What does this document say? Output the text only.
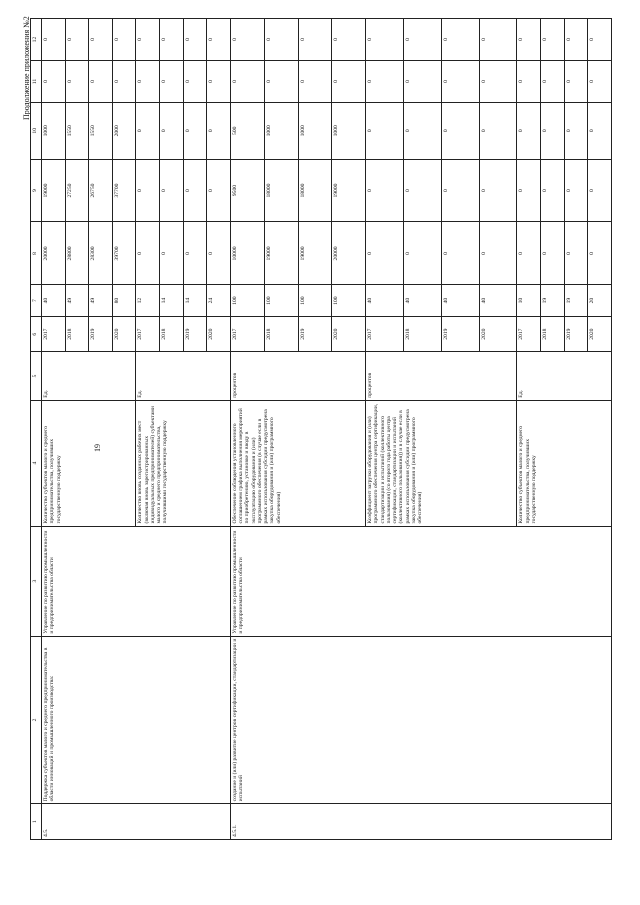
19
Продолжение приложения №2
1	2	3	4	5	6	7	8	9	10	11	12
4.5.	Поддержка субъектов малого и среднего предпринимательства в области инноваций и промышленного производства:	Управление по развитию промышленности и предпринимательства области	Количество субъектов малого и среднего предпринимательства, получивших государственную поддержку	Ед.	2017	40	20000	19000	1000	0	0
					2018	49	28800	27250	1550	0	0
					2019	49	28300	26750	1550	0	0
					2020	80	39700	37700	2000	0	0
			Количество вновь созданных рабочих мест (включая вновь зарегистрированных индивидуальных предпринимателей) субъектами малого и среднего предпринимательства, получившими государственную поддержку	Ед.	2017	12	0	0	0	0	0
					2018	14	0	0	0	0	0
					2019	14	0	0	0	0	0
					2020	24	0	0	0	0	0
4.5.1.	создание и (или) развитие центров сертификации, стандартизации и испытаний	Управление по развитию промышленности и предпринимательства области	Обеспечение соблюдения установленного соглашением графика выполнения мероприятий по приобретению, установке и вводу в эксплуатацию оборудования и (или) программного обеспечения (в случае если в рамках использования субсидии предусмотрена закупка оборудования и (или) программного обеспечения)	процентов	2017	100	10000	9500	500	0	0
					2018	100	19000	18000	1000	0	0
					2019	100	19000	18000	1000	0	0
					2020	100	20000	19000	1000	0	0
			Коэффициент загрузки оборудования и (или) программного обеспечения центра сертификации, стандартизации и испытаний (коллективного пользования) (со второго года работы центра сертификации, стандартизации и испытаний (коллективного пользования)) и в случае если в рамках использования субсидии предусмотрена закупка оборудования и (или) программного обеспечения)	процентов	2017	40	0	0	0	0	0
					2018	40	0	0	0	0	0
					2019	40	0	0	0	0	0
					2020	40	0	0	0	0	0
			Количество субъектов малого и среднего предпринимательства, получивших государственную поддержку	Ед.	2017	10	0	0	0	0	0
					2018	19	0	0	0	0	0
					2019	19	0	0	0	0	0
					2020	20	0	0	0	0	0
